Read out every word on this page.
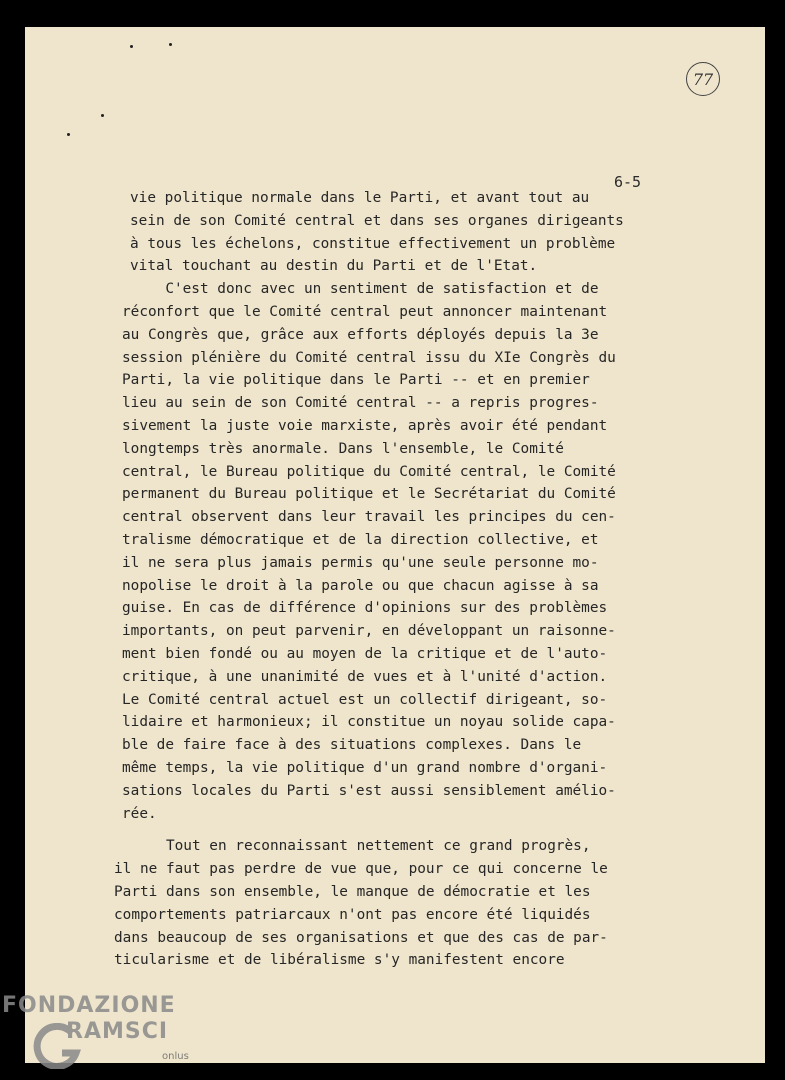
77
6-5
vie politique normale dans le Parti, et avant tout au
sein de son Comité central et dans ses organes dirigeants
à tous les échelons, constitue effectivement un problème
vital touchant au destin du Parti et de l'Etat.
C'est donc avec un sentiment de satisfaction et de
réconfort que le Comité central peut annoncer maintenant
au Congrès que, grâce aux efforts déployés depuis la 3e
session plénière du Comité central issu du XIe Congrès du
Parti, la vie politique dans le Parti -- et en premier
lieu au sein de son Comité central -- a repris progres-
sivement la juste voie marxiste, après avoir été pendant
longtemps très anormale. Dans l'ensemble, le Comité
central, le Bureau politique du Comité central, le Comité
permanent du Bureau politique et le Secrétariat du Comité
central observent dans leur travail les principes du cen-
tralisme démocratique et de la direction collective, et
il ne sera plus jamais permis qu'une seule personne mo-
nopolise le droit à la parole ou que chacun agisse à sa
guise. En cas de différence d'opinions sur des problèmes
importants, on peut parvenir, en développant un raisonne-
ment bien fondé ou au moyen de la critique et de l'auto-
critique, à une unanimité de vues et à l'unité d'action.
Le Comité central actuel est un collectif dirigeant, so-
lidaire et harmonieux; il constitue un noyau solide capa-
ble de faire face à des situations complexes. Dans le
même temps, la vie politique d'un grand nombre d'organi-
sations locales du Parti s'est aussi sensiblement amélio-
rée.
Tout en reconnaissant nettement ce grand progrès,
il ne faut pas perdre de vue que, pour ce qui concerne le
Parti dans son ensemble, le manque de démocratie et les
comportements patriarcaux n'ont pas encore été liquidés
dans beaucoup de ses organisations et que des cas de par-
ticularisme et de libéralisme s'y manifestent encore
FONDAZIONE
RAMSCI
onlus
